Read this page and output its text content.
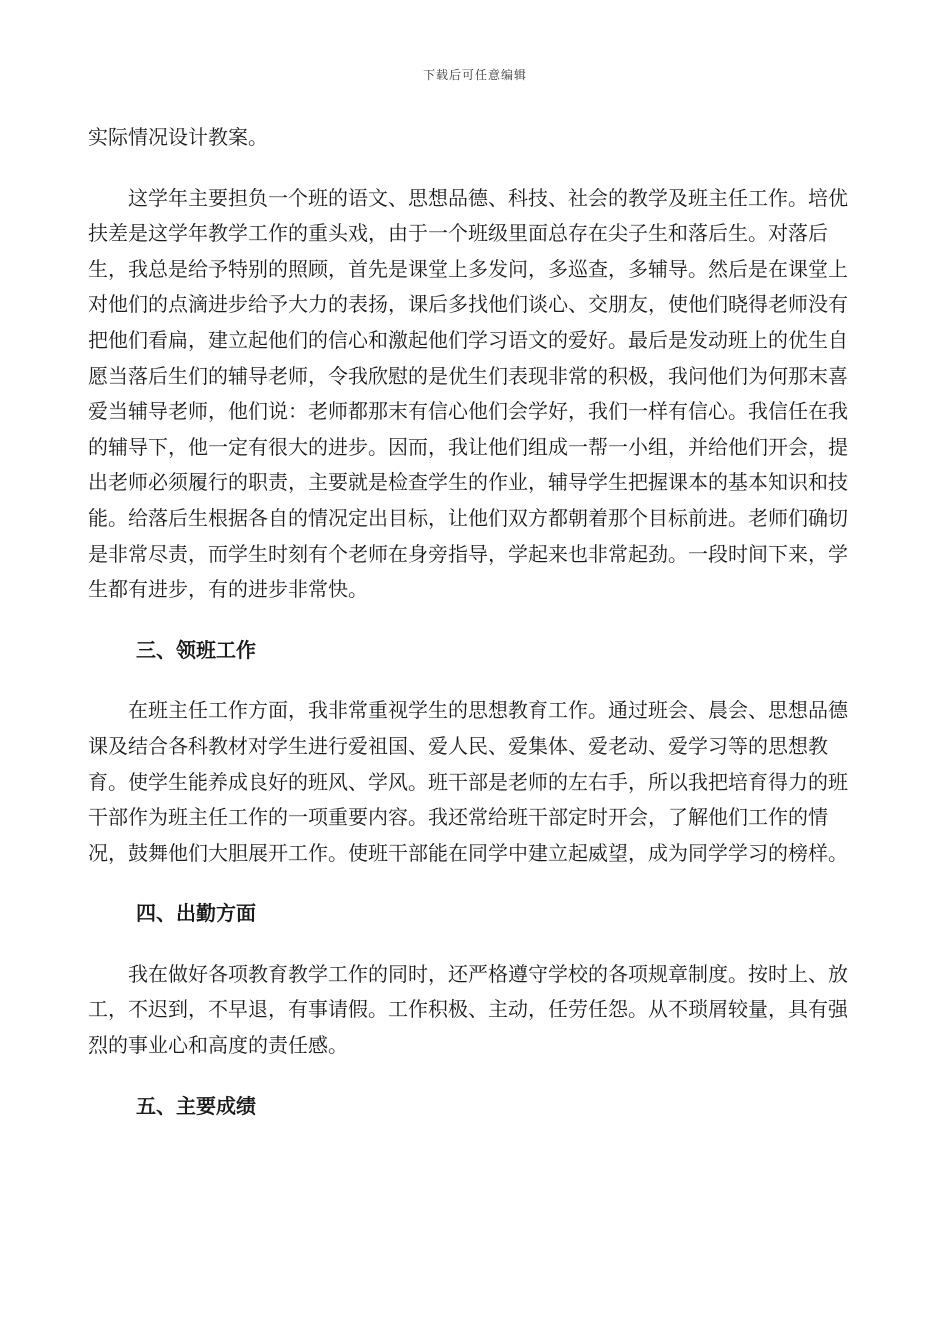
下载后可任意编辑

实际情况设计教案。

这学年主要担负一个班的语文、思想品德、科技、社会的教学及班主任工作。培优扶差是这学年教学工作的重头戏，由于一个班级里面总存在尖子生和落后生。对落后生，我总是给予特别的照顾，首先是课堂上多发问，多巡查，多辅导。然后是在课堂上对他们的点滴进步给予大力的表扬，课后多找他们谈心、交朋友，使他们晓得老师没有把他们看扁，建立起他们的信心和激起他们学习语文的爱好。最后是发动班上的优生自愿当落后生们的辅导老师，令我欣慰的是优生们表现非常的积极，我问他们为何那末喜爱当辅导老师，他们说：老师都那末有信心他们会学好，我们一样有信心。我信任在我的辅导下，他一定有很大的进步。因而，我让他们组成一帮一小组，并给他们开会，提出老师必须履行的职责，主要就是检查学生的作业，辅导学生把握课本的基本知识和技能。给落后生根据各自的情况定出目标，让他们双方都朝着那个目标前进。老师们确切是非常尽责，而学生时刻有个老师在身旁指导，学起来也非常起劲。一段时间下来，学生都有进步，有的进步非常快。

三、领班工作

在班主任工作方面，我非常重视学生的思想教育工作。通过班会、晨会、思想品德课及结合各科教材对学生进行爱祖国、爱人民、爱集体、爱老动、爱学习等的思想教育。使学生能养成良好的班风、学风。班干部是老师的左右手，所以我把培育得力的班干部作为班主任工作的一项重要内容。我还常给班干部定时开会，了解他们工作的情况，鼓舞他们大胆展开工作。使班干部能在同学中建立起威望，成为同学学习的榜样。

四、出勤方面

我在做好各项教育教学工作的同时，还严格遵守学校的各项规章制度。按时上、放工，不迟到，不早退，有事请假。工作积极、主动，任劳任怨。从不琐屑较量，具有强烈的事业心和高度的责任感。

五、主要成绩
